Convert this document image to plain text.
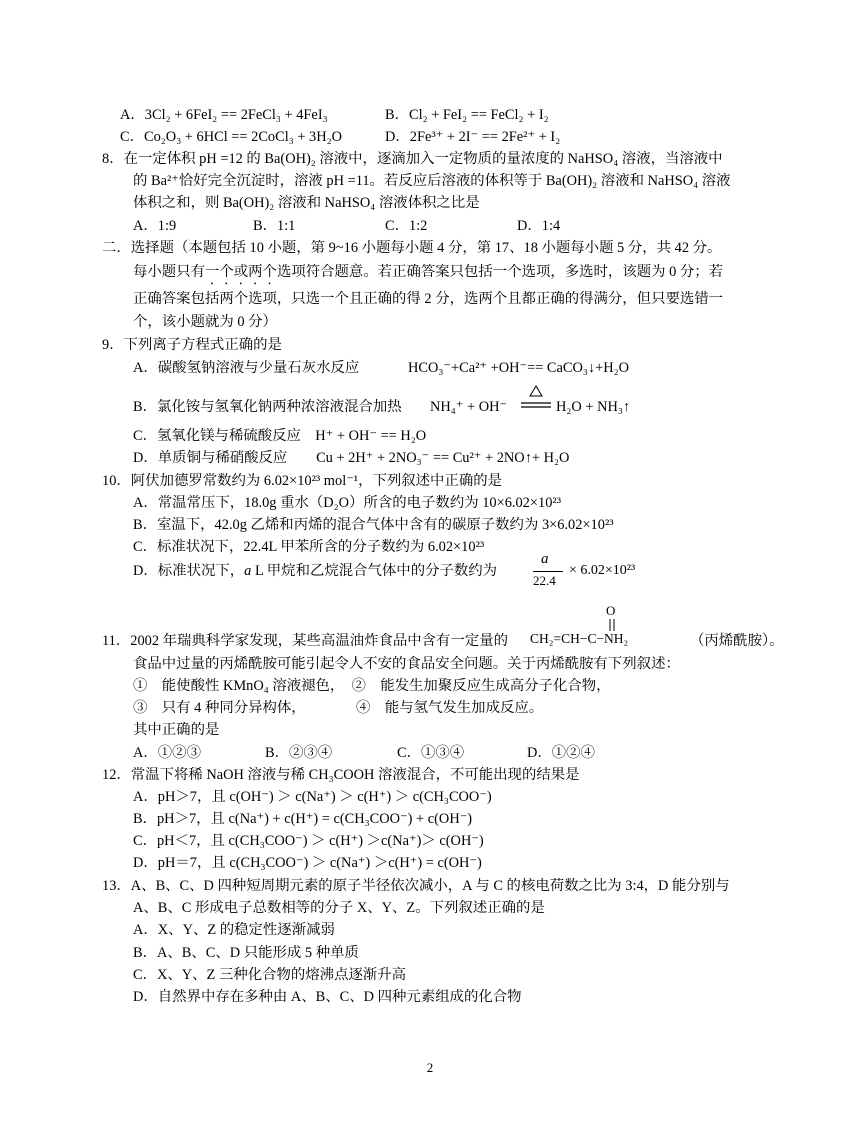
A．3Cl₂ + 6FeI₂ == 2FeCl₃ + 4FeI₃	B．Cl₂ + FeI₂ == FeCl₂ + I₂
C．Co₂O₃ + 6HCl == 2CoCl₃ + 3H₂O	D．2Fe³⁺ + 2I⁻ == 2Fe²⁺ + I₂
8．在一定体积 pH =12 的 Ba(OH)₂ 溶液中，逐滴加入一定物质的量浓度的 NaHSO₄ 溶液，当溶液中
的 Ba²⁺恰好完全沉淀时，溶液 pH =11。若反应后溶液的体积等于 Ba(OH)₂ 溶液和 NaHSO₄ 溶液
体积之和，则 Ba(OH)₂ 溶液和 NaHSO₄ 溶液体积之比是
A．1:9	B．1:1	C．1:2	D．1:4
二．选择题（本题包括 10 小题，第 9~16 小题每小题 4 分，第 17、18 小题每小题 5 分，共 42 分。
每小题只有一个或两个选项符合题意。若正确答案只包括一个选项，多选时，该题为 0 分；若
正确答案包括两个选项，只选一个且正确的得 2 分，选两个且都正确的得满分，但只要选错一
个，该小题就为 0 分）
9．下列离子方程式正确的是
A．碳酸氢钠溶液与少量石灰水反应	HCO₃⁻+Ca²⁺ +OH⁻== CaCO₃↓+H₂O
B．氯化铵与氢氧化钠两种浓溶液混合加热 NH₄⁺ + OH⁻	H₂O + NH₃↑
C．氢氧化镁与稀硫酸反应　H⁺ + OH⁻ == H₂O
D．单质铜与稀硝酸反应　　Cu + 2H⁺ + 2NO₃⁻ == Cu²⁺ + 2NO↑+ H₂O
10．阿伏加德罗常数约为 6.02×10²³ mol⁻¹，下列叙述中正确的是
A．常温常压下，18.0g 重水（D₂O）所含的电子数约为 10×6.02×10²³
B．室温下，42.0g 乙烯和丙烯的混合气体中含有的碳原子数约为 3×6.02×10²³
C．标准状况下，22.4L 甲苯所含的分子数约为 6.02×10²³
D．标准状况下，a L 甲烷和乙烷混合气体中的分子数约为
a
22.4
× 6.02×10²³
11．2002 年瑞典科学家发现，某些高温油炸食品中含有一定量的
O
CH₂=CH−C−NH₂	（丙烯酰胺）。
食品中过量的丙烯酰胺可能引起令人不安的食品安全问题。关于丙烯酰胺有下列叙述：
①　能使酸性 KMnO₄ 溶液褪色，　②　能发生加聚反应生成高分子化合物，
③　只有 4 种同分异构体，　　　　④　能与氢气发生加成反应。
其中正确的是
A．①②③	B．②③④	C．①③④	D．①②④
12．常温下将稀 NaOH 溶液与稀 CH₃COOH 溶液混合，不可能出现的结果是
A．pH＞7，且 c(OH⁻) ＞ c(Na⁺) ＞ c(H⁺) ＞ c(CH₃COO⁻)
B．pH＞7，且 c(Na⁺) + c(H⁺) = c(CH₃COO⁻) + c(OH⁻)
C．pH＜7，且 c(CH₃COO⁻) ＞ c(H⁺) ＞c(Na⁺)＞ c(OH⁻)
D．pH＝7，且 c(CH₃COO⁻) ＞ c(Na⁺) ＞c(H⁺) = c(OH⁻)
13．A、B、C、D 四种短周期元素的原子半径依次减小，A 与 C 的核电荷数之比为 3:4，D 能分别与
A、B、C 形成电子总数相等的分子 X、Y、Z。下列叙述正确的是
A．X、Y、Z 的稳定性逐渐减弱
B．A、B、C、D 只能形成 5 种单质
C．X、Y、Z 三种化合物的熔沸点逐渐升高
D．自然界中存在多种由 A、B、C、D 四种元素组成的化合物
2
